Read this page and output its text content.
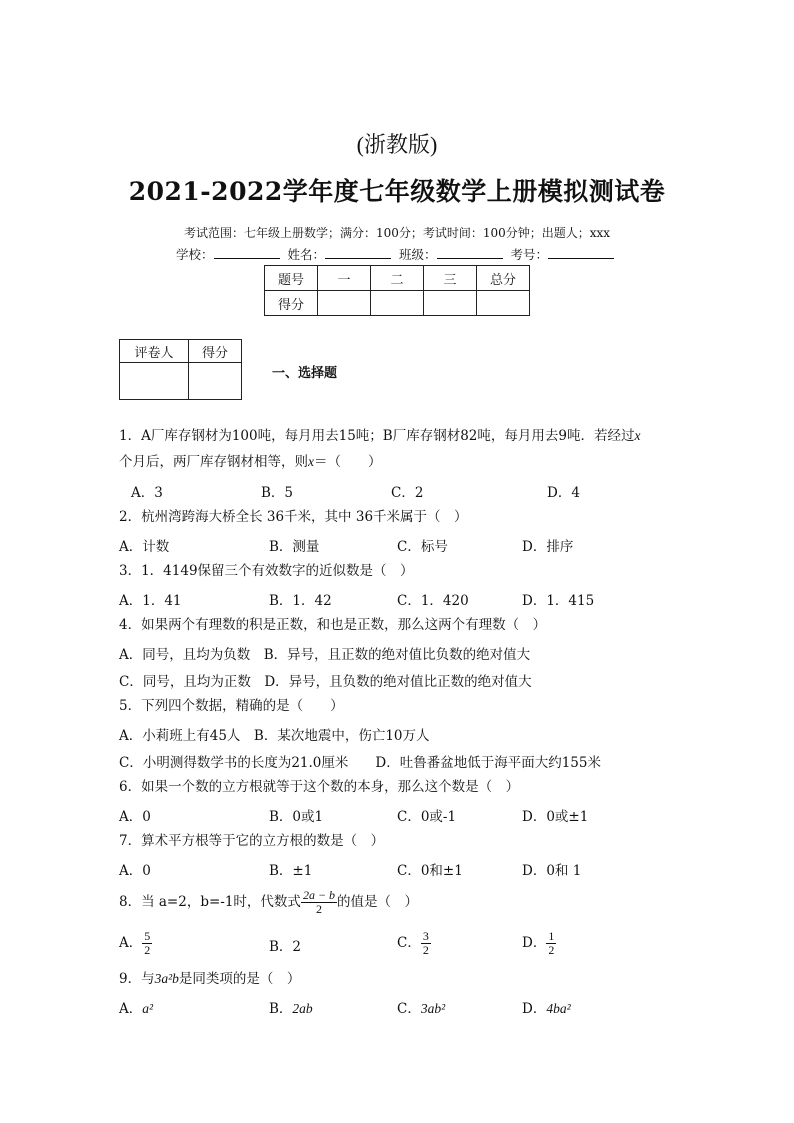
(浙教版)
2021-2022学年度七年级数学上册模拟测试卷
考试范围：七年级上册数学；满分：100分；考试时间：100分钟；出题人；xxx
学校：	姓名：	班级：	考号：
题号	一	二	三	总分
得分				
评卷人	得分

一、选择题
1．A厂库存钢材为100吨，每月用去15吨；B厂库存钢材82吨，每月用去9吨．若经过x
个月后，两厂库存钢材相等，则x＝（　　）
A．3	B．5	C．2	D．4
2．杭州湾跨海大桥全长 36千米，其中 36千米属于（　）
A．计数	B．测量	C．标号	D．排序
3．1．4149保留三个有效数字的近似数是（　）
A．1．41	B．1．42	C．1．420	D．1．415
4．如果两个有理数的积是正数，和也是正数，那么这两个有理数（　）
A．同号，且均为负数　B．异号，且正数的绝对值比负数的绝对值大
C．同号，且均为正数　D．异号，且负数的绝对值比正数的绝对值大
5．下列四个数据，精确的是（　　）
A．小莉班上有45人　B．某次地震中，伤亡10万人
C．小明测得数学书的长度为21.0厘米　　D．吐鲁番盆地低于海平面大约155米
6．如果一个数的立方根就等于这个数的本身，那么这个数是（　）
A．0	B．0或1	C．0或-1	D．0或±1
7．算术平方根等于它的立方根的数是（　）
A．0	B．±1	C．0和±1	D．0和 1
8．当 a=2，b=-1时，代数式 $\frac{2a - b}{2}$ 的值是（　）
A． $\frac{5}{2}$	B．2	C． $\frac{3}{2}$	D． $\frac{1}{2}$
9．与3a²b是同类项的是（　）
A．a²	B．2ab	C．3ab²	D．4ba²
